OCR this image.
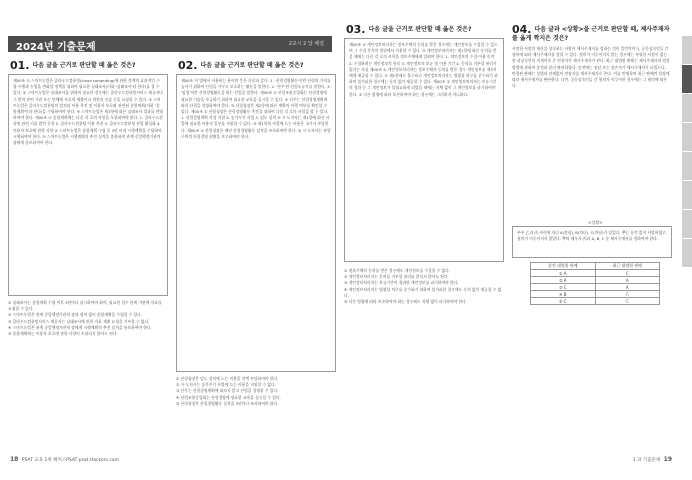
2024년 기출문제	2교시 2 답 해설
01. 다음 글을 근거로 판단할 때 옳은 것은?
제00조 ① 스마트농업은 클라우드컴퓨팅(cloud computing)에 관한 정책의 효과적인 수립·시행과 농업을 변화할 정책을 위하여 필요한 실태조사(이하 '실태조사'라 한다)를 할 수 있다. ② 스마트농업은 실태조사를 위하여 필요한 경우에는 클라우드컴퓨팅서비스 제공자나 그 밖의 관련 기관 또는 단체에 자료의 제출이나 의견의 진술 등을 요청할 수 있다. ③ 스마트농업은 클라우드컴퓨팅의 발전과 이용 촉진 및 이용자 보호와 관련된 종합계획(이하 '종합계획'이라 한다)을 수립하여야 한다. ④ 스마트농업은 제3항에 따른 실태조사 결과를 반영하여야 한다. 제00조 ① 종합계획에는 다음 각 호의 사항을 포함하여야 한다. 1. 클라우드컴퓨팅 관련 기술 발전 동향 2. 클라우드컴퓨팅 이용 촉진 3. 클라우드컴퓨팅 산업 활성화 4. 이용자 보호에 관한 사항 ② 스마트농업은 종합계획 수립 후 3년 이내 시행계획을 수립하여 시행하여야 한다. ③ 스마트농업은 시행계획의 추진 실적을 종합하여 관계 중앙행정기관의 장에게 통보하여야 한다.
① 실태조사는 종합계획 수립 이후 3년마다 실시하여야 하며, 필요한 경우 관계 기관에 자료를 요청할 수 있다.
② 스마트농업은 관계 중앙행정기관의 장과 협의 없이 종합계획을 수립할 수 있다.
③ 클라우드컴퓨팅서비스 제공자는 실태조사에 관한 자료 제출 요청을 거부할 수 없다.
④ 스마트농업은 관계 중앙행정기관의 장에게 시행계획의 추진 실적을 통보하여야 한다.
⑤ 종합계획에는 이용자 보호에 관한 사항이 포함되지 않아도 된다.
02. 다음 글을 근거로 판단할 때 옳은 것은?
제00조 이 법에서 사용하는 용어의 뜻은 다음과 같다. 1. '산림경영활동'이란 산림의 가치를 높이기 위하여 산림을 가꾸고 보호하는 활동을 말한다. 2. '산주'란 산림소유자를 말한다. 3. '임업'이란 산림경영활동을 하는 산업을 말한다. 제00조 ① 산림조합중앙회는 산림경영에 필요한 기술을 보급하기 위하여 필요한 교육을 실시할 수 있다. ② 산주는 산림경영계획에 따라 산림을 경영하여야 한다. ③ 산림청장은 제2항에 따른 계획의 이행 여부를 확인할 수 있다. 제00조 ① 산림청장은 산림경영활동 촉진을 위하여 다음 각 호의 사업을 할 수 있다. 1. 산림경영계획 작성 지원 2. 숲가꾸기 사업 3. 임도 설치 ② 시·도지사는 제1항에 따른 사업에 필요한 비용의 일부를 지원할 수 있다. ③ 제1항의 사업에 드는 비용은 국가가 부담한다. 제00조 ① 산림청장은 매년 산림경영활동 실적을 조사하여야 한다. ② 시·도지사는 관할 구역의 산림경영 현황을 보고하여야 한다.
① 산림청장은 임도 설치에 드는 비용을 전액 부담하여야 한다.
② 시·도지사는 숲가꾸기 사업에 드는 비용을 지원할 수 없다.
③ 산주는 산림경영계획에 따르지 않고 산림을 경영할 수 있다.
④ 산림조합중앙회는 산림경영에 필요한 교육을 실시할 수 있다.
⑤ 산림청장은 산림경영활동 실적을 3년마다 조사하여야 한다.
03. 다음 글을 근거로 판단할 때 옳은 것은?
제00조 ① 개인정보처리자는 정보주체의 동의를 받은 경우에는 개인정보를 수집할 수 있으며 그 수집 목적의 범위에서 이용할 수 있다. ② 개인정보처리자는 제1항에 따른 동의를 받을 때에는 다음 각 호의 사항을 정보주체에게 알려야 한다. 1. 개인정보의 수집·이용 목적 2. 수집하려는 개인정보의 항목 3. 개인정보의 보유 및 이용 기간 4. 동의를 거부할 권리가 있다는 사실 제00조 ① 개인정보처리자는 정보주체의 동의를 받은 경우 개인정보를 제3자에게 제공할 수 있다. ② 제1항에도 불구하고 개인정보처리자는 법령상 의무를 준수하기 위하여 불가피한 경우에는 동의 없이 제공할 수 있다. 제00조 ① 개인정보처리자는 보유기간의 경과 등 그 개인정보가 불필요하게 되었을 때에는 지체 없이 그 개인정보를 파기하여야 한다. ② 다른 법령에 따라 보존하여야 하는 경우에는 그러하지 아니하다.
① 정보주체의 동의를 받은 경우에도 개인정보를 수집할 수 없다.
② 개인정보처리자는 동의를 거부할 권리를 알리지 않아도 된다.
③ 개인정보처리자는 보유기간이 경과한 개인정보를 파기하여야 한다.
④ 개인정보처리자는 법령상 의무를 준수하기 위하여 불가피한 경우에도 동의 없이 제공할 수 없다.
⑤ 다른 법령에 따라 보존하여야 하는 경우에도 지체 없이 파기하여야 한다.
04. 다음 글과 <상황>을 근거로 판단할 때, 제사주재자를 옳게 짝지은 것은?
사망한 사람의 재산을 상속하는 사람이 제사주재자를 겸하는 것이 일반적이나, 공동상속인들 간 협의에 따라 제사주재자를 정할 수 있다. 협의가 이루어지지 않는 경우에는 특별한 사정이 없는 한 피상속인의 직계비속 중 연장자가 제사주재자가 된다. 최근 대법원 판례는 제사주재자의 결정 방법에 관하여 종전과 달리 판단하였다. 종전에는 장남 또는 장손자가 제사주재자가 되었으나, 변경된 판례는 성별과 관계없이 연장자를 제사주재자로 본다. 이를 반영하여 최근 판례의 입장에 따라 제사주재자를 판단한다. 다만, 공동상속인들 간 협의가 이루어진 경우에는 그 협의에 따른다.
<상황>
부부 乙과 丙 사이에 자녀 A(장남), B(차녀), C(차남)가 있었다. 뿌는 유언 없이 사망하였고, 협의가 이루어지지 않았다. 뿌의 배우자 丙과 A, B, C 중 제사주재자를 정하여야 한다.
종전 대법원 판례	최근 대법원 판례
① A	C
② A	A
③ C	A
④ B	乙
⑤ C	乙
18 PSAT 교육 1위 해커스PSAT psat.Hackers.com	1 과 기출문제 19
